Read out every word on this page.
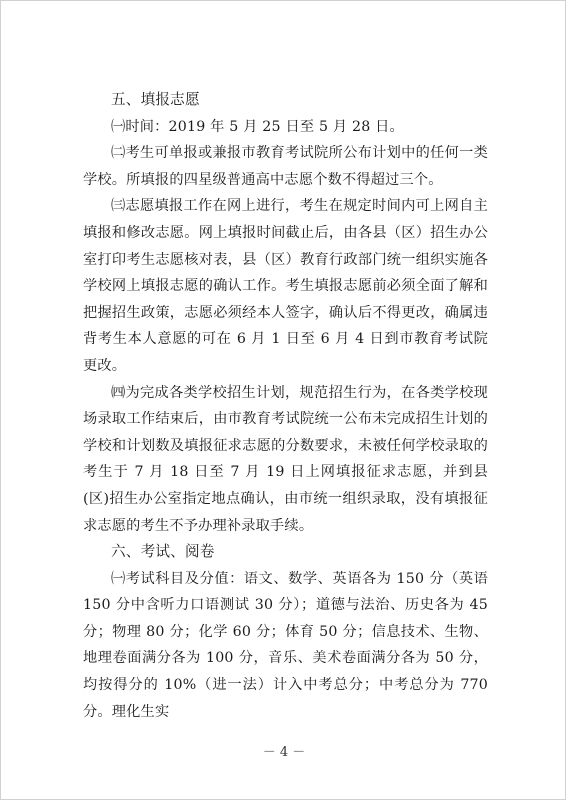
五、填报志愿

㈠时间：2019 年 5 月 25 日至 5 月 28 日。

㈡考生可单报或兼报市教育考试院所公布计划中的任何一类学校。所填报的四星级普通高中志愿个数不得超过三个。

㈢志愿填报工作在网上进行，考生在规定时间内可上网自主填报和修改志愿。网上填报时间截止后，由各县（区）招生办公室打印考生志愿核对表，县（区）教育行政部门统一组织实施各学校网上填报志愿的确认工作。考生填报志愿前必须全面了解和把握招生政策，志愿必须经本人签字，确认后不得更改，确属违背考生本人意愿的可在 6 月 1 日至 6 月 4 日到市教育考试院更改。

㈣为完成各类学校招生计划，规范招生行为，在各类学校现场录取工作结束后，由市教育考试院统一公布未完成招生计划的学校和计划数及填报征求志愿的分数要求，未被任何学校录取的考生于 7 月 18 日至 7 月 19 日上网填报征求志愿，并到县(区)招生办公室指定地点确认，由市统一组织录取，没有填报征求志愿的考生不予办理补录取手续。

六、考试、阅卷

㈠考试科目及分值：语文、数学、英语各为 150 分（英语 150 分中含听力口语测试 30 分）；道德与法治、历史各为 45 分；物理 80 分；化学 60 分；体育 50 分；信息技术、生物、地理卷面满分各为 100 分，音乐、美术卷面满分各为 50 分，均按得分的 10%（进一法）计入中考总分；中考总分为 770 分。理化生实

－ 4 －
